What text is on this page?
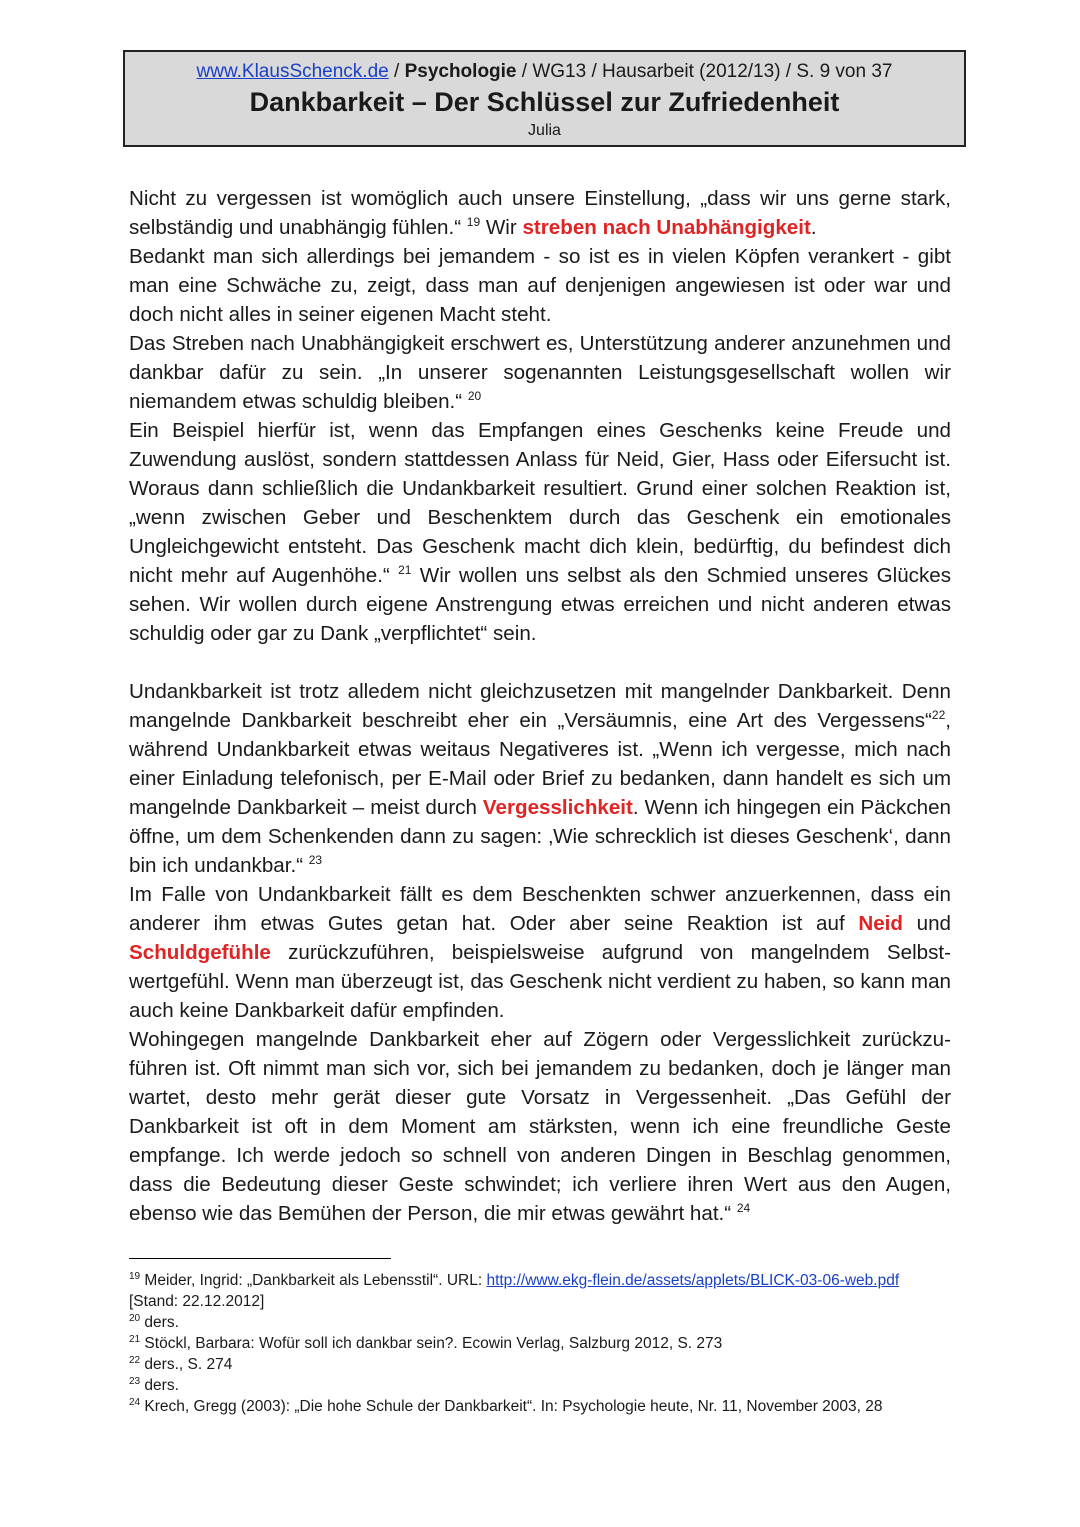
www.KlausSchenck.de / Psychologie / WG13 / Hausarbeit (2012/13) / S. 9 von 37
Dankbarkeit – Der Schlüssel zur Zufriedenheit
Julia

Nicht zu vergessen ist womöglich auch unsere Einstellung, „dass wir uns gerne stark, selbständig und unabhängig fühlen.“ $^{19}$ Wir streben nach Unabhängigkeit.

Bedankt man sich allerdings bei jemandem - so ist es in vielen Köpfen verankert - gibt man eine Schwäche zu, zeigt, dass man auf denjenigen angewiesen ist oder war und doch nicht alles in seiner eigenen Macht steht.

Das Streben nach Unabhängigkeit erschwert es, Unterstützung anderer anzunehmen und dankbar dafür zu sein. „In unserer sogenannten Leistungsgesellschaft wollen wir niemandem etwas schuldig bleiben.“ $^{20}$

Ein Beispiel hierfür ist, wenn das Empfangen eines Geschenks keine Freude und Zuwendung auslöst, sondern stattdessen Anlass für Neid, Gier, Hass oder Eifersucht ist. Woraus dann schließlich die Undankbarkeit resultiert. Grund einer solchen Reaktion ist, „wenn zwischen Geber und Beschenktem durch das Geschenk ein emotionales Ungleichgewicht entsteht. Das Geschenk macht dich klein, bedürftig, du befindest dich nicht mehr auf Augenhöhe.“ $^{21}$ Wir wollen uns selbst als den Schmied unseres Glückes sehen. Wir wollen durch eigene Anstrengung etwas erreichen und nicht anderen etwas schuldig oder gar zu Dank „verpflichtet“ sein.

Undankbarkeit ist trotz alledem nicht gleichzusetzen mit mangelnder Dankbarkeit. Denn mangelnde Dankbarkeit beschreibt eher ein „Versäumnis, eine Art des Vergessens“$^{22}$, während Undankbarkeit etwas weitaus Negativeres ist. „Wenn ich vergesse, mich nach einer Einladung telefonisch, per E-Mail oder Brief zu bedanken, dann handelt es sich um mangelnde Dankbarkeit – meist durch Vergesslichkeit. Wenn ich hingegen ein Päckchen öffne, um dem Schenkenden dann zu sagen: ‚Wie schrecklich ist dieses Geschenk‘, dann bin ich undankbar.“ $^{23}$

Im Falle von Undankbarkeit fällt es dem Beschenkten schwer anzuerkennen, dass ein anderer ihm etwas Gutes getan hat. Oder aber seine Reaktion ist auf Neid und Schuldgefühle zurückzuführen, beispielsweise aufgrund von mangelndem Selbstwertgefühl. Wenn man überzeugt ist, das Geschenk nicht verdient zu haben, so kann man auch keine Dankbarkeit dafür empfinden.

Wohingegen mangelnde Dankbarkeit eher auf Zögern oder Vergesslichkeit zurückzuführen ist. Oft nimmt man sich vor, sich bei jemandem zu bedanken, doch je länger man wartet, desto mehr gerät dieser gute Vorsatz in Vergessenheit. „Das Gefühl der Dankbarkeit ist oft in dem Moment am stärksten, wenn ich eine freundliche Geste empfange. Ich werde jedoch so schnell von anderen Dingen in Beschlag genommen, dass die Bedeutung dieser Geste schwindet; ich verliere ihren Wert aus den Augen, ebenso wie das Bemühen der Person, die mir etwas gewährt hat.“ $^{24}$

$^{19}$ Meider, Ingrid: „Dankbarkeit als Lebensstil“. URL: http://www.ekg-flein.de/assets/applets/BLICK-03-06-web.pdf
[Stand: 22.12.2012]
$^{20}$ ders.
$^{21}$ Stöckl, Barbara: Wofür soll ich dankbar sein?. Ecowin Verlag, Salzburg 2012, S. 273
$^{22}$ ders., S. 274
$^{23}$ ders.
$^{24}$ Krech, Gregg (2003): „Die hohe Schule der Dankbarkeit“. In: Psychologie heute, Nr. 11, November 2003, 28
